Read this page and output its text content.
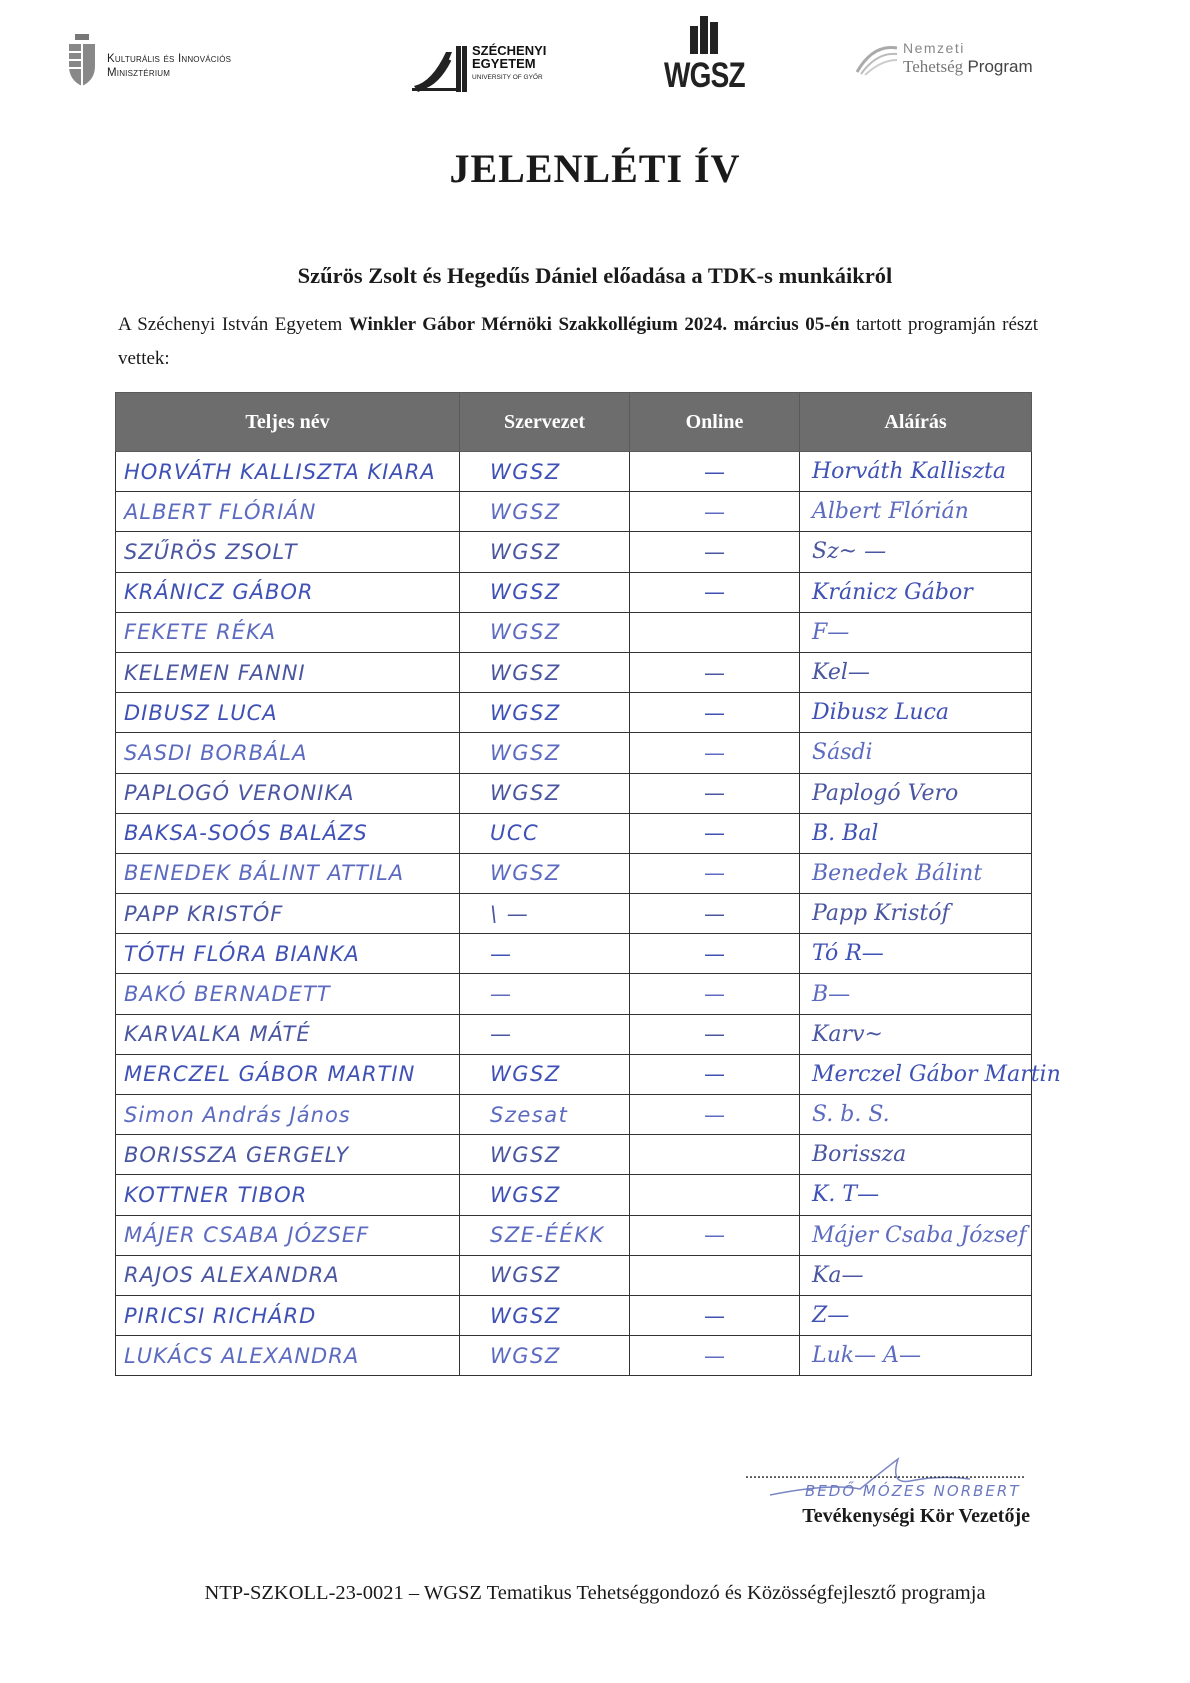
Kulturális és Innovációs
Minisztérium
SZÉCHENYI
EGYETEM
UNIVERSITY OF GYŐR	WGSZ
Nemzeti
Tehetség Program
JELENLÉTI ÍV
Szűrös Zsolt és Hegedűs Dániel előadása a TDK-s munkáikról
A Széchenyi István Egyetem Winkler Gábor Mérnöki Szakkollégium 2024. március 05-én tartott programján részt vettek:
Teljes név	Szervezet	Online	Aláírás
HORVÁTH KALLISZTA KIARA	WGSZ	—	Horváth Kalliszta
ALBERT FLÓRIÁN	WGSZ	—	Albert Flórián
SZŰRÖS ZSOLT	WGSZ	—	Sz~ —
KRÁNICZ GÁBOR	WGSZ	—	Kránicz Gábor
FEKETE RÉKA	WGSZ		F—
KELEMEN FANNI	WGSZ	—	Kel—
DIBUSZ LUCA	WGSZ	—	Dibusz Luca
SASDI BORBÁLA	WGSZ	—	Sásdi
PAPLOGÓ VERONIKA	WGSZ	—	Paplogó Vero
BAKSA-SOÓS BALÁZS	UCC	—	B. Bal
BENEDEK BÁLINT ATTILA	WGSZ	—	Benedek Bálint
PAPP KRISTÓF	\ —	—	Papp Kristóf
TÓTH FLÓRA BIANKA	—	—	Tó R—
BAKÓ BERNADETT	—	—	B—
KARVALKA MÁTÉ	—	—	Karv~
MERCZEL GÁBOR MARTIN	WGSZ	—	Merczel Gábor Martin
Simon András János	Szesat	—	S. b. S.
BORISSZA GERGELY	WGSZ		Borissza
KOTTNER TIBOR	WGSZ		K. T—
MÁJER CSABA JÓZSEF	SZE-ÉÉKK	—	Májer Csaba József
RAJOS ALEXANDRA	WGSZ		Ka—
PIRICSI RICHÁRD	WGSZ	—	Z—
LUKÁCS ALEXANDRA	WGSZ	—	Luk— A—
......................................................................
BEDŐ MÓZES NORBERT
Tevékenységi Kör Vezetője
NTP-SZKOLL-23-0021 – WGSZ Tematikus Tehetséggondozó és Közösségfejlesztő programja
